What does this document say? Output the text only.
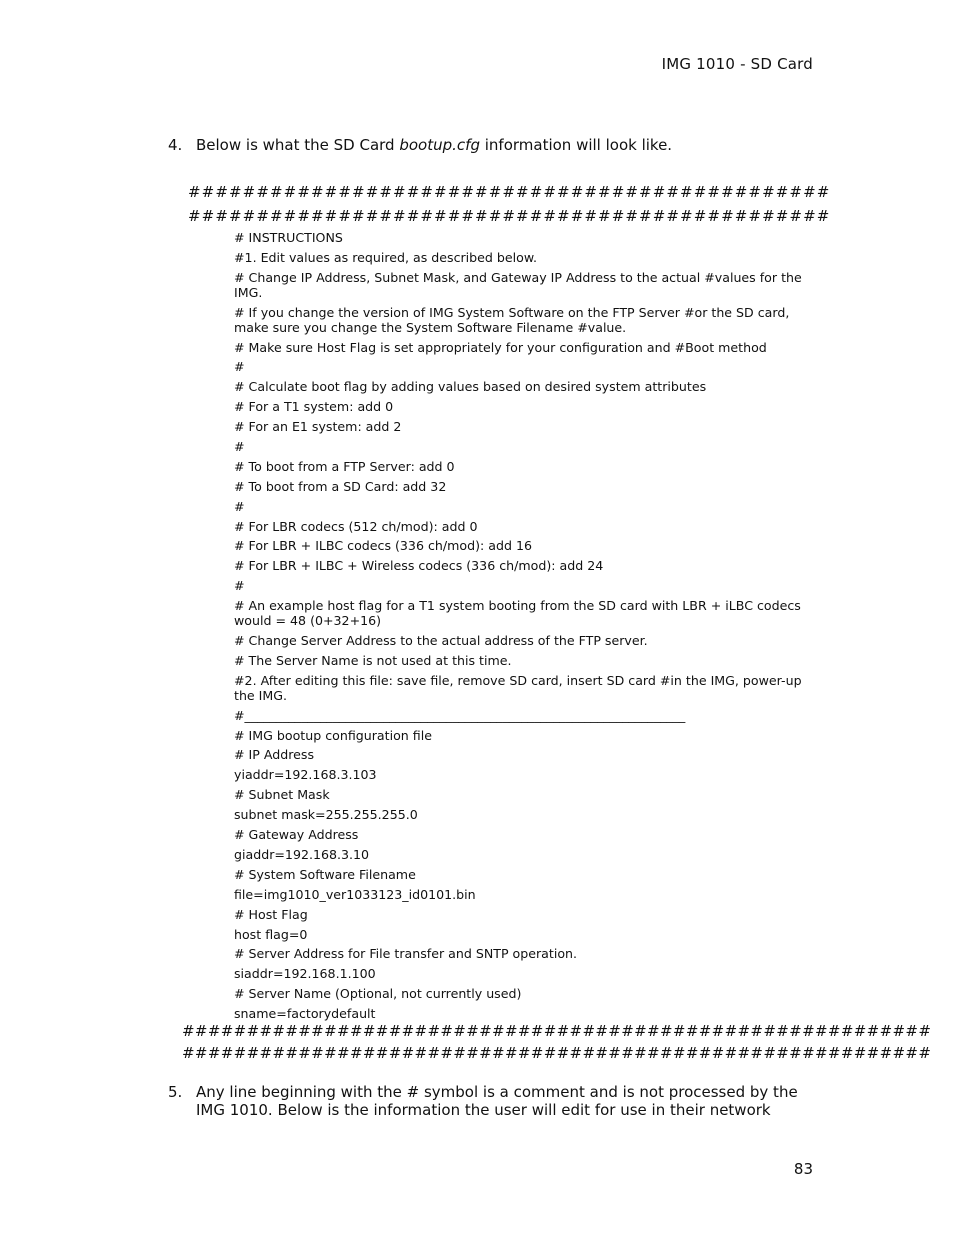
IMG 1010 - SD Card
4. Below is what the SD Card bootup.cfg information will look like.
###############################################
###############################################

# INSTRUCTIONS

#1. Edit values as required, as described below.

# Change IP Address, Subnet Mask, and Gateway IP Address to the actual #values for the IMG.

# If you change the version of IMG System Software on the FTP Server #or the SD card, make sure you change the System Software Filename #value.

# Make sure Host Flag is set appropriately for your configuration and #Boot method

#

# Calculate boot flag by adding values based on desired system attributes

# For a T1 system: add 0

# For an E1 system: add 2

#

# To boot from a FTP Server: add 0

# To boot from a SD Card: add 32

#

# For LBR codecs (512 ch/mod): add 0

# For LBR + ILBC codecs (336 ch/mod): add 16

# For LBR + ILBC + Wireless codecs (336 ch/mod): add 24

#

# An example host flag for a T1 system booting from the SD card with LBR + iLBC codecs would = 48 (0+32+16)

# Change Server Address to the actual address of the FTP server.

# The Server Name is not used at this time.

#2. After editing this file: save file, remove SD card, insert SD card #in the IMG, power-up the IMG.

#______________________________________________________________________

# IMG bootup configuration file

# IP Address

yiaddr=192.168.3.103

# Subnet Mask

subnet mask=255.255.255.0

# Gateway Address

giaddr=192.168.3.10

# System Software Filename

file=img1010_ver1033123_id0101.bin

# Host Flag

host flag=0

# Server Address for File transfer and SNTP operation.

siaddr=192.168.1.100

# Server Name (Optional, not currently used)

sname=factorydefault

##########################################################
##########################################################
5. Any line beginning with the # symbol is a comment and is not processed by the IMG 1010. Below is the information the user will edit for use in their network
83
